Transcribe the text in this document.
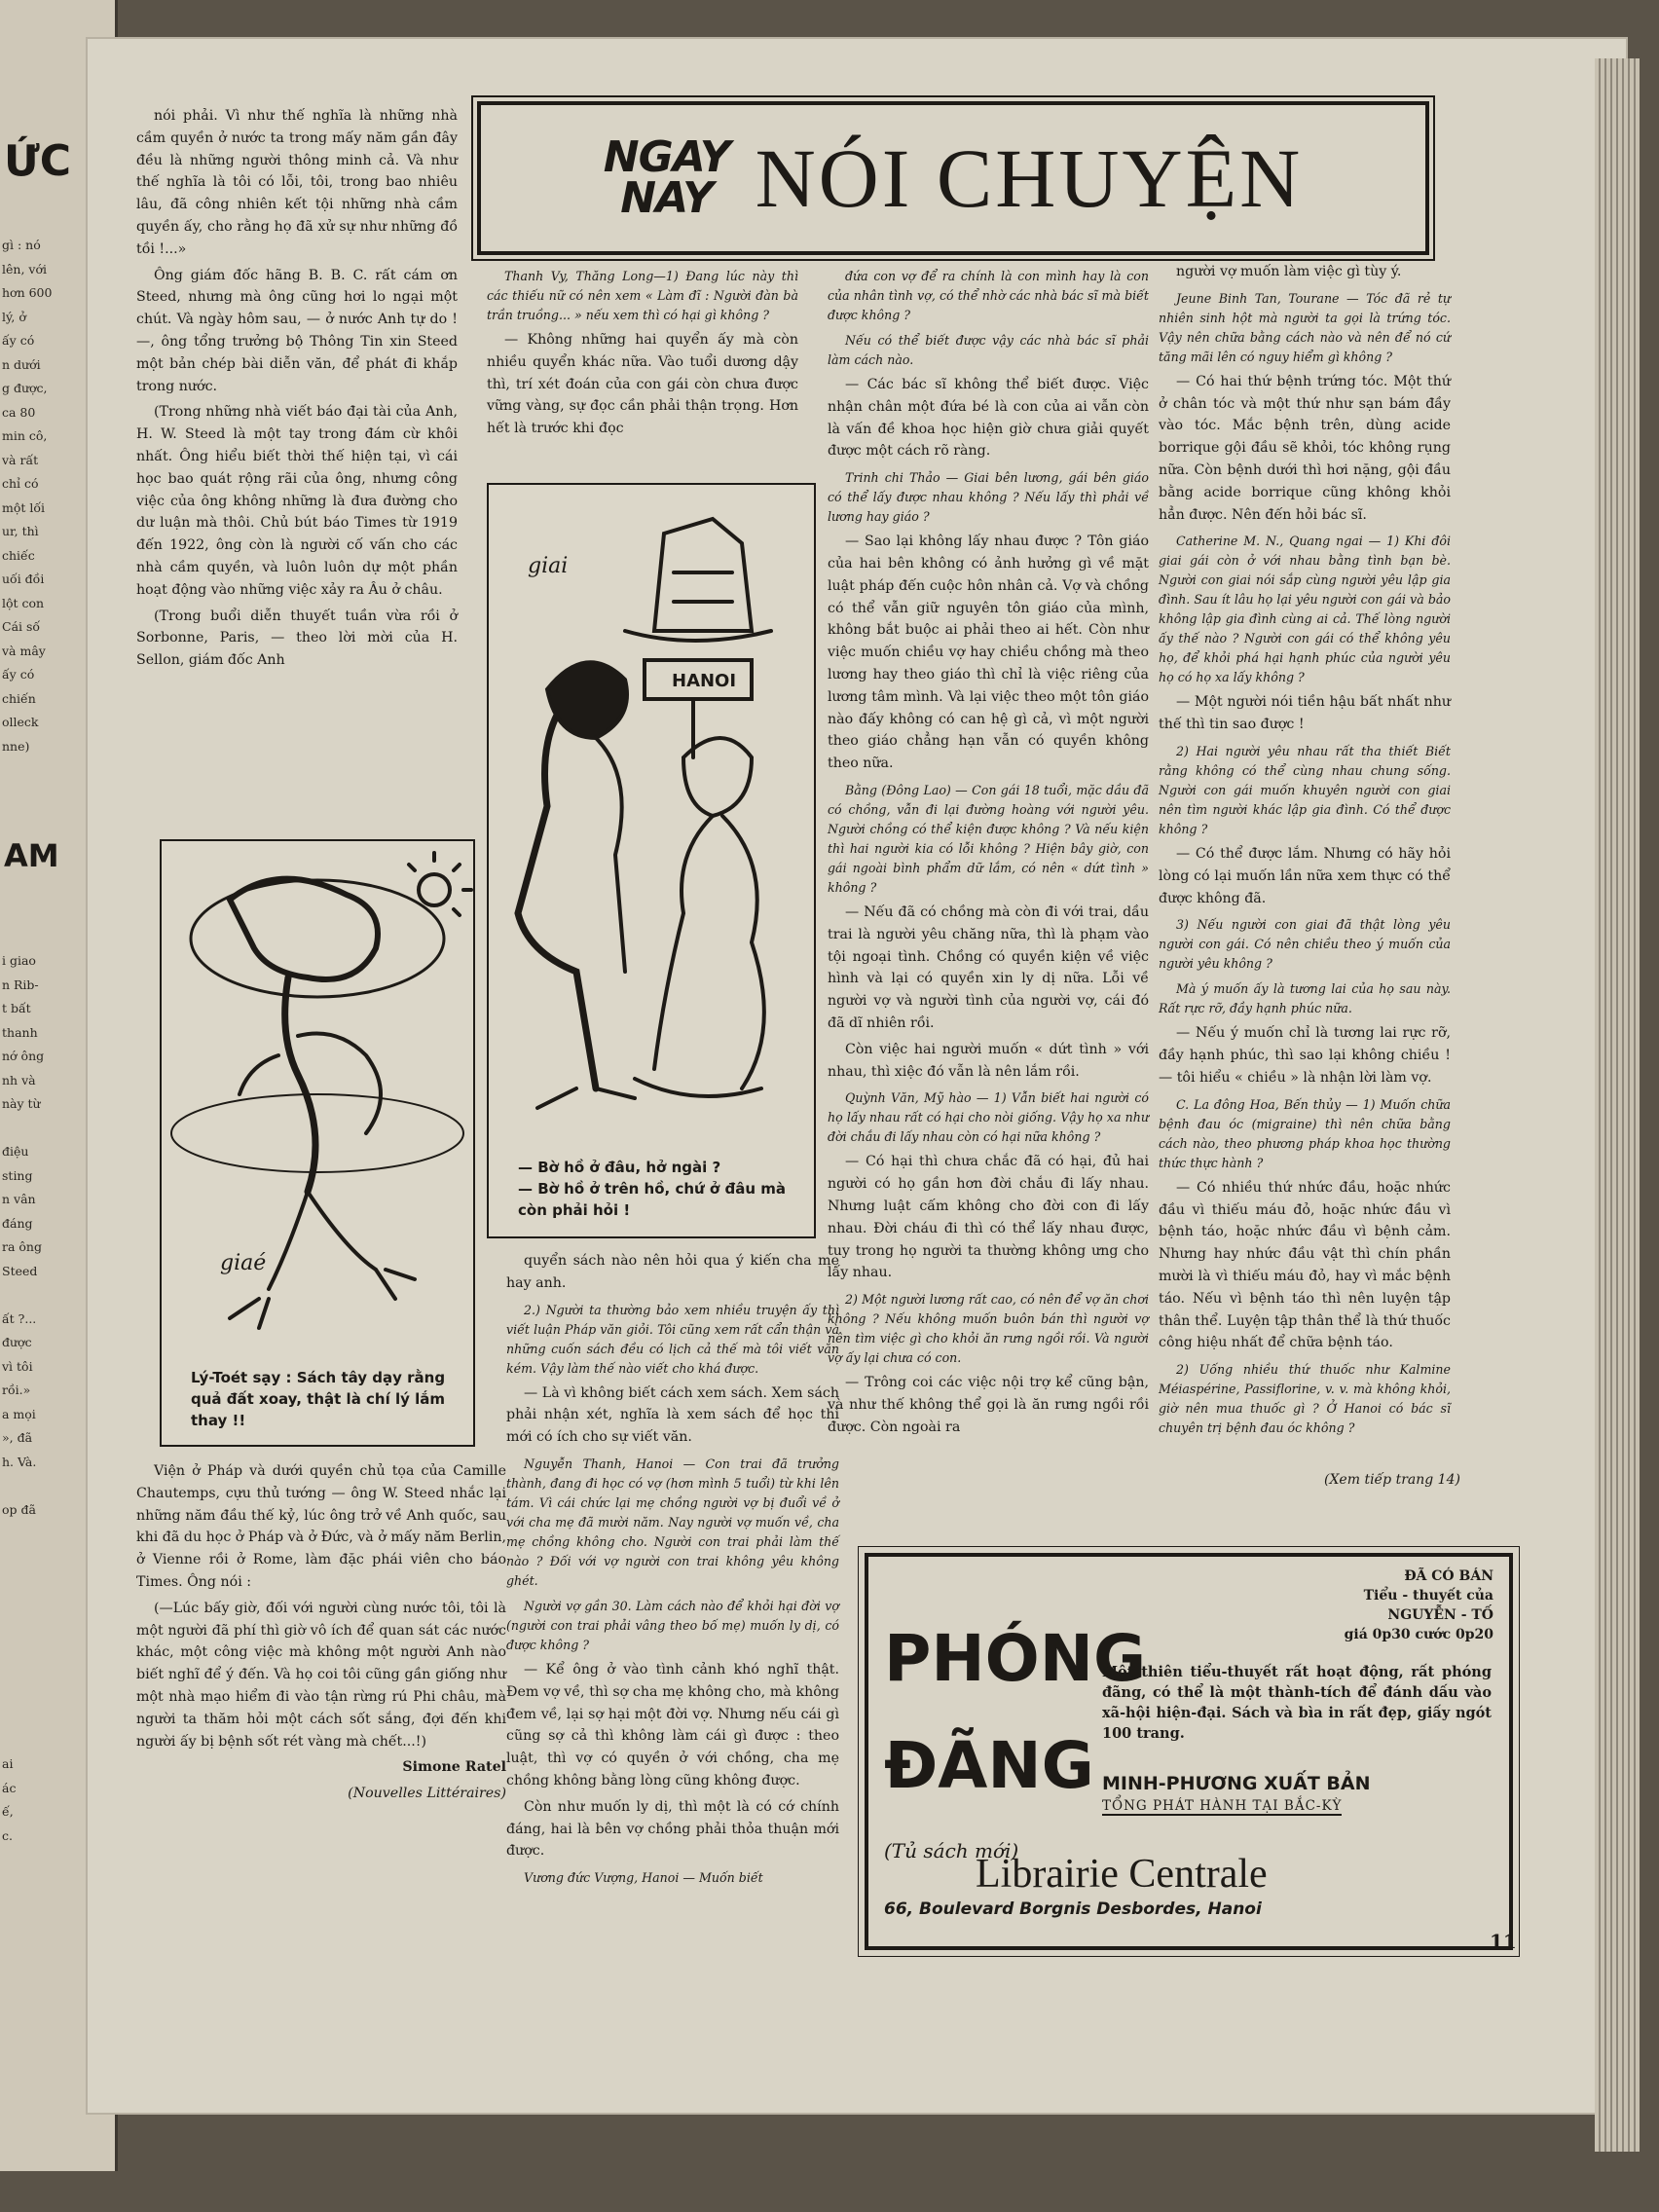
ỨC
gì : nó
lên, với
hơn 600
lý, ở
ấy có
n dưới
g được,
ca 80
min cô,
và rất
chỉ có
một lối
ur, thì
chiếc
uối đồi
lột con
Cái số
và mây
ấy có
chiến
olleck
nne)
AM
i giao
n Rib-
t bất
thanh
nớ ông
nh và
này từ

điệu
sting
n vân
đáng
ra ông
Steed

ất ?...
được
vì tôi
rồi.»
a mọi
», đã
h. Và.

op đã
ai
ác
ế,
c.
NGAY
NAY NÓI CHUYỆN

nói phải. Vì như thế nghĩa là những nhà cầm quyền ở nước ta trong mấy năm gần đây đều là những người thông minh cả. Và như thế nghĩa là tôi có lỗi, tôi, trong bao nhiêu lâu, đã công nhiên kết tội những nhà cầm quyền ấy, cho rằng họ đã xử sự như những đồ tồi !...»

Ông giám đốc hãng B. B. C. rất cám ơn Steed, nhưng mà ông cũng hơi lo ngại một chút. Và ngày hôm sau, — ở nước Anh tự do ! —, ông tổng trưởng bộ Thông Tin xin Steed một bản chép bài diễn văn, để phát đi khắp trong nước.

(Trong những nhà viết báo đại tài của Anh, H. W. Steed là một tay trong đám cừ khôi nhất. Ông hiểu biết thời thế hiện tại, vì cái học bao quát rộng rãi của ông, nhưng công việc của ông không những là đưa đường cho dư luận mà thôi. Chủ bút báo Times từ 1919 đến 1922, ông còn là người cố vấn cho các nhà cầm quyền, và luôn luôn dự một phần hoạt động vào những việc xảy ra Âu ở châu.

(Trong buổi diễn thuyết tuần vừa rồi ở Sorbonne, Paris, — theo lời mời của H. Sellon, giám đốc Anh

giaé
Lý-Toét sạy : Sách tây dạy rằng quả đất xoay, thật là chí lý lắm thay !!

Viện ở Pháp và dưới quyền chủ tọa của Camille Chautemps, cựu thủ tướng — ông W. Steed nhắc lại những năm đầu thế kỷ, lúc ông trở về Anh quốc, sau khi đã du học ở Pháp và ở Đức, và ở mấy năm Berlin, ở Vienne rồi ở Rome, làm đặc phái viên cho báo Times. Ông nói :

(—Lúc bấy giờ, đối với người cùng nước tôi, tôi là một người đã phí thì giờ vô ích để quan sát các nước khác, một công việc mà không một người Anh nào biết nghĩ để ý đến. Và họ coi tôi cũng gần giống như một nhà mạo hiểm đi vào tận rừng rú Phi châu, mà người ta thăm hỏi một cách sốt sắng, đợi đến khi người ấy bị bệnh sốt rét vàng mà chết...!)

Simone Ratel

(Nouvelles Littéraires)

giai
HANOI
— Bờ hồ ở đâu, hở ngài ?
— Bờ hồ ở trên hồ, chứ ở đâu mà còn phải hỏi !

Thanh Vy, Thăng Long—1) Đang lúc này thì các thiếu nữ có nên xem « Làm đĩ : Người đàn bà trần truồng... » nếu xem thì có hại gì không ?

— Không những hai quyển ấy mà còn nhiều quyển khác nữa. Vào tuổi dương dậy thì, trí xét đoán của con gái còn chưa được vững vàng, sự đọc cần phải thận trọng. Hơn hết là trước khi đọc

quyển sách nào nên hỏi qua ý kiến cha mẹ hay anh.

2.) Người ta thường bảo xem nhiều truyện ấy thì viết luận Pháp văn giỏi. Tôi cũng xem rất cẩn thận và những cuốn sách đều có lịch cả thế mà tôi viết văn kém. Vậy làm thế nào viết cho khá được.

— Là vì không biết cách xem sách. Xem sách phải nhận xét, nghĩa là xem sách để học thì mới có ích cho sự viết văn.

Nguyễn Thanh, Hanoi — Con trai đã trưởng thành, đang đi học có vợ (hơn mình 5 tuổi) từ khi lên tám. Vì cái chức lại mẹ chồng người vợ bị đuổi về ở với cha mẹ đã mười năm. Nay người vợ muốn về, cha mẹ chồng không cho. Người con trai phải làm thế nào ? Đối với vợ người con trai không yêu không ghét.

Người vợ gần 30. Làm cách nào để khỏi hại đời vợ (người con trai phải vâng theo bố mẹ) muốn ly dị, có được không ?

— Kể ông ở vào tình cảnh khó nghĩ thật. Đem vợ về, thì sợ cha mẹ không cho, mà không đem về, lại sợ hại một đời vợ. Nhưng nếu cái gì cũng sợ cả thì không làm cái gì được : theo luật, thì vợ có quyền ở với chồng, cha mẹ chồng không bằng lòng cũng không được.

Còn như muốn ly dị, thì một là có cớ chính đáng, hai là bên vợ chồng phải thỏa thuận mới được.

Vương đức Vượng, Hanoi — Muốn biết

đứa con vợ để ra chính là con mình hay là con của nhân tình vợ, có thể nhờ các nhà bác sĩ mà biết được không ?

Nếu có thể biết được vậy các nhà bác sĩ phải làm cách nào.

— Các bác sĩ không thể biết được. Việc nhận chân một đứa bé là con của ai vẫn còn là vấn đề khoa học hiện giờ chưa giải quyết được một cách rõ ràng.

Trinh chi Thảo — Giai bên lương, gái bên giáo có thể lấy được nhau không ? Nếu lấy thì phải về lương hay giáo ?

— Sao lại không lấy nhau được ? Tôn giáo của hai bên không có ảnh hưởng gì về mặt luật pháp đến cuộc hôn nhân cả. Vợ và chồng có thể vẫn giữ nguyên tôn giáo của mình, không bắt buộc ai phải theo ai hết. Còn như việc muốn chiều vợ hay chiều chồng mà theo lương hay theo giáo thì chỉ là việc riêng của lương tâm mình. Và lại việc theo một tôn giáo nào đấy không có can hệ gì cả, vì một người theo giáo chẳng hạn vẫn có quyền không theo nữa.

Bằng (Đông Lao) — Con gái 18 tuổi, mặc dầu đã có chồng, vẫn đi lại đường hoàng với người yêu. Người chồng có thể kiện được không ? Và nếu kiện thì hai người kia có lỗi không ? Hiện bây giờ, con gái ngoài bình phẩm dữ lắm, có nên « dứt tình » không ?

— Nếu đã có chồng mà còn đi với trai, dầu trai là người yêu chăng nữa, thì là phạm vào tội ngoại tình. Chồng có quyền kiện về việc hình và lại có quyền xin ly dị nữa. Lỗi về người vợ và người tình của người vợ, cái đó đã dĩ nhiên rồi.

Còn việc hai người muốn « dứt tình » với nhau, thì xiệc đó vẫn là nên lắm rồi.

Quỳnh Văn, Mỹ hào — 1) Vẫn biết hai người có họ lấy nhau rất có hại cho nòi giống. Vậy họ xa như đời chắu đi lấy nhau còn có hại nữa không ?

— Có hại thì chưa chắc đã có hại, đủ hai người có họ gần hơn đời chắu đi lấy nhau. Nhưng luật cấm không cho đời con đi lấy nhau. Đời cháu đi thì có thể lấy nhau được, tuy trong họ người ta thường không ưng cho lấy nhau.

2) Một người lương rất cao, có nên để vợ ăn chơi không ? Nếu không muốn buôn bán thì người vợ nên tìm việc gì cho khỏi ăn rưng ngồi rồi. Và người vợ ấy lại chưa có con.

— Trông coi các việc nội trợ kể cũng bận, và như thế không thể gọi là ăn rưng ngồi rồi được. Còn ngoài ra

người vợ muốn làm việc gì tùy ý.

Jeune Binh Tan, Tourane — Tóc đã rẻ tự nhiên sinh hột mà người ta gọi là trứng tóc. Vậy nên chữa bằng cách nào và nên để nó cứ tăng mãi lên có nguy hiểm gì không ?

— Có hai thứ bệnh trứng tóc. Một thứ ở chân tóc và một thứ như sạn bám đầy vào tóc. Mắc bệnh trên, dùng acide borrique gội đầu sẽ khỏi, tóc không rụng nữa. Còn bệnh dưới thì hơi nặng, gội đầu bằng acide borrique cũng không khỏi hẳn được. Nên đến hỏi bác sĩ.

Catherine M. N., Quang ngai — 1) Khi đôi giai gái còn ở với nhau bằng tình bạn bè. Người con giai nói sắp cùng người yêu lập gia đình. Sau ít lâu họ lại yêu người con gái và bảo không lập gia đình cùng ai cả. Thế lòng người ấy thế nào ? Người con gái có thể không yêu họ, để khỏi phá hại hạnh phúc của người yêu họ có họ xa lấy không ?

— Một người nói tiền hậu bất nhất như thế thì tin sao được !

2) Hai người yêu nhau rất tha thiết Biết rằng không có thể cùng nhau chung sống. Người con gái muốn khuyên người con giai nên tìm người khác lập gia đình. Có thể được không ?

— Có thể được lắm. Nhưng có hãy hỏi lòng có lại muốn lần nữa xem thực có thể được không đã.

3) Nếu người con giai đã thật lòng yêu người con gái. Có nên chiều theo ý muốn của người yêu không ?

Mà ý muốn ấy là tương lai của họ sau này. Rất rực rỡ, đầy hạnh phúc nữa.

— Nếu ý muốn chỉ là tương lai rực rỡ, đầy hạnh phúc, thì sao lại không chiều ! — tôi hiểu « chiều » là nhận lời làm vợ.

C. La đông Hoa, Bến thủy — 1) Muốn chữa bệnh đau óc (migraine) thì nên chữa bằng cách nào, theo phương pháp khoa học thường thức thực hành ?

— Có nhiều thứ nhức đầu, hoặc nhức đầu vì thiếu máu đỏ, hoặc nhức đầu vì bệnh táo, hoặc nhức đầu vì bệnh cảm. Nhưng hay nhức đầu vật thì chín phần mười là vì thiếu máu đỏ, hay vì mắc bệnh táo. Nếu vì bệnh táo thì nên luyện tập thân thể. Luyện tập thân thể là thứ thuốc công hiệu nhất để chữa bệnh táo.

2) Uống nhiều thứ thuốc như Kalmine Méiaspérine, Passiflorine, v. v. mà không khỏi, giờ nên mua thuốc gì ? Ở Hanoi có bác sĩ chuyên trị bệnh đau óc không ?

(Xem tiếp trang 14)
ĐÃ CÓ BÁN
Tiểu - thuyết của
NGUYỄN - TỐ
giá 0p30 cước 0p20
PHÓNG
ĐÃNG
(Tủ sách mới)
Một thiên tiểu-thuyết rất hoạt động, rất phóng đãng, có thể là một thành-tích để đánh dấu vào xã-hội hiện-đại. Sách và bìa in rất đẹp, giấy ngót 100 trang.
MINH-PHƯƠNG XUẤT BẢN
TỔNG PHÁT HÀNH TẠI BẮC-KỲ
Librairie Centrale
66, Boulevard Borgnis Desbordes, Hanoi
11
